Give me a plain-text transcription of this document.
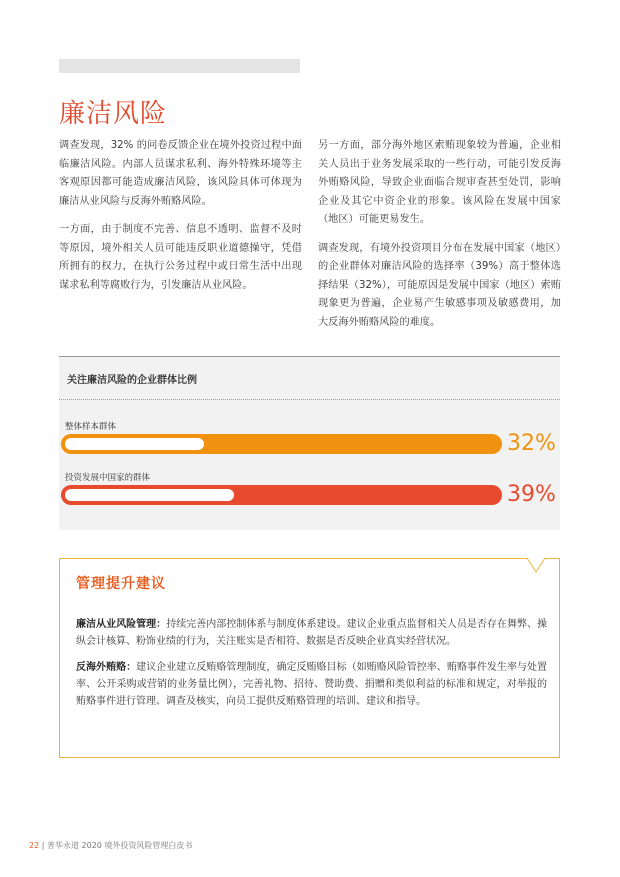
廉洁风险

调查发现，32% 的问卷反馈企业在境外投资过程中面临廉洁风险。内部人员谋求私利、海外特殊环境等主客观原因都可能造成廉洁风险，该风险具体可体现为廉洁从业风险与反海外贿赂风险。

一方面，由于制度不完善、信息不透明、监督不及时等原因，境外相关人员可能违反职业道德操守，凭借所拥有的权力，在执行公务过程中或日常生活中出现谋求私利等腐败行为，引发廉洁从业风险。

另一方面，部分海外地区索贿现象较为普遍，企业相关人员出于业务发展采取的一些行动，可能引发反海外贿赂风险，导致企业面临合规审查甚至处罚，影响企业及其它中资企业的形象。该风险在发展中国家（地区）可能更易发生。

调查发现，有境外投资项目分布在发展中国家（地区）的企业群体对廉洁风险的选择率（39%）高于整体选择结果（32%），可能原因是发展中国家（地区）索贿现象更为普遍，企业易产生敏感事项及敏感费用，加大反海外贿赂风险的难度。

关注廉洁风险的企业群体比例
整体样本群体
32%
投资发展中国家的群体
39%
管理提升建议

廉洁从业风险管理：持续完善内部控制体系与制度体系建设。建议企业重点监督相关人员是否存在舞弊、操纵会计核算、粉饰业绩的行为，关注账实是否相符、数据是否反映企业真实经营状况。

反海外贿赂：建议企业建立反贿赂管理制度，确定反贿赂目标（如贿赂风险管控率、贿赂事件发生率与处置率、公开采购或营销的业务量比例），完善礼物、招待、赞助费、捐赠和类似利益的标准和规定，对举报的贿赂事件进行管理、调查及核实，向员工提供反贿赂管理的培训、建议和指导。

22 | 普华永道 2020 境外投资风险管理白皮书
